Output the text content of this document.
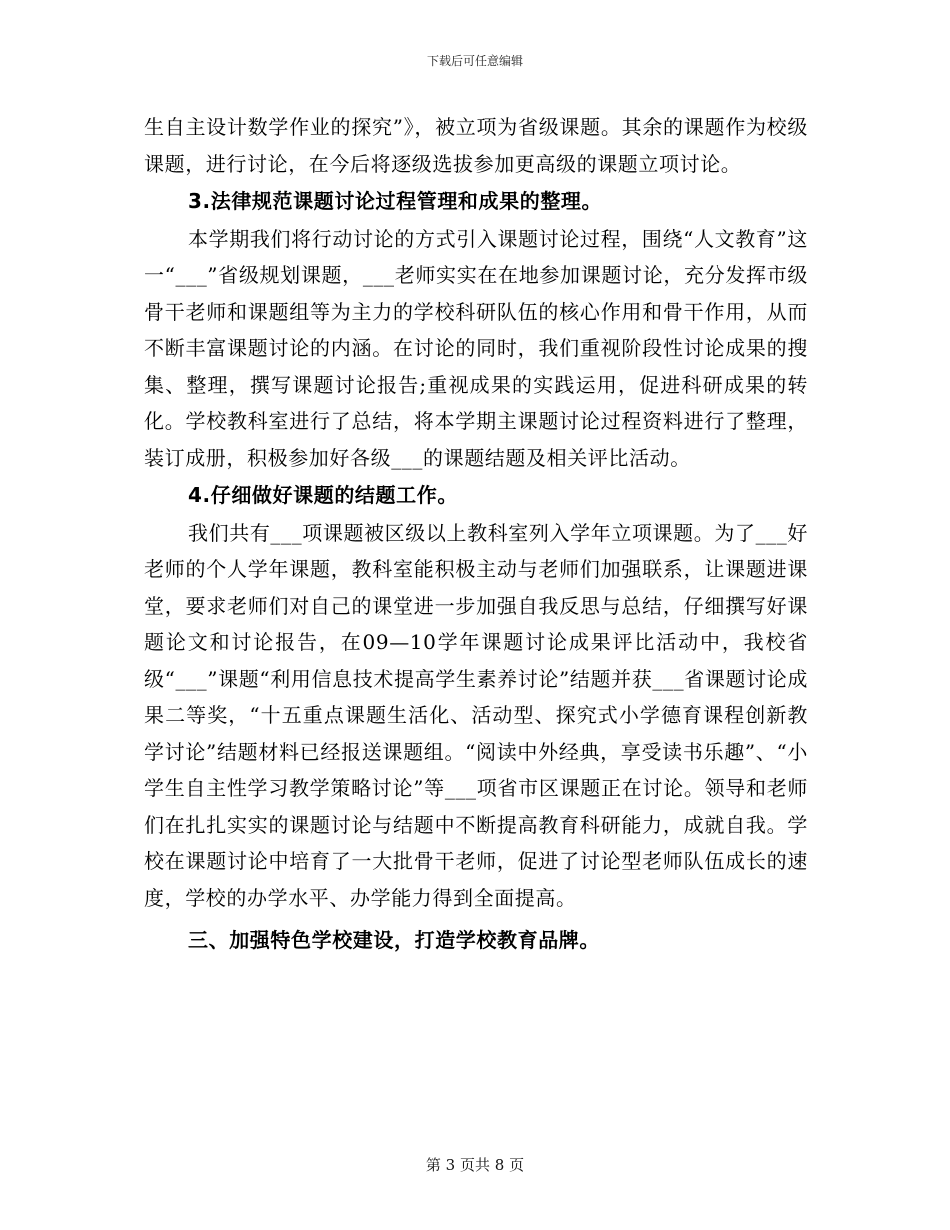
下载后可任意编辑

生自主设计数学作业的探究”》，被立项为省级课题。其余的课题作为校级课题，进行讨论，在今后将逐级选拔参加更高级的课题立项讨论。

3.法律规范课题讨论过程管理和成果的整理。

本学期我们将行动讨论的方式引入课题讨论过程，围绕“人文教育”这一“___”省级规划课题，___老师实实在在地参加课题讨论，充分发挥市级骨干老师和课题组等为主力的学校科研队伍的核心作用和骨干作用，从而不断丰富课题讨论的内涵。在讨论的同时，我们重视阶段性讨论成果的搜集、整理，撰写课题讨论报告;重视成果的实践运用，促进科研成果的转化。学校教科室进行了总结，将本学期主课题讨论过程资料进行了整理，装订成册，积极参加好各级___的课题结题及相关评比活动。

4.仔细做好课题的结题工作。

我们共有___项课题被区级以上教科室列入学年立项课题。为了___好老师的个人学年课题，教科室能积极主动与老师们加强联系，让课题进课堂，要求老师们对自己的课堂进一步加强自我反思与总结，仔细撰写好课题论文和讨论报告，在09—10学年课题讨论成果评比活动中，我校省级“___”课题“利用信息技术提高学生素养讨论”结题并获___省课题讨论成果二等奖，“十五重点课题生活化、活动型、探究式小学德育课程创新教学讨论”结题材料已经报送课题组。“阅读中外经典，享受读书乐趣”、“小学生自主性学习教学策略讨论”等___项省市区课题正在讨论。领导和老师们在扎扎实实的课题讨论与结题中不断提高教育科研能力，成就自我。学校在课题讨论中培育了一大批骨干老师，促进了讨论型老师队伍成长的速度，学校的办学水平、办学能力得到全面提高。

三、加强特色学校建设，打造学校教育品牌。

第 3 页共 8 页
